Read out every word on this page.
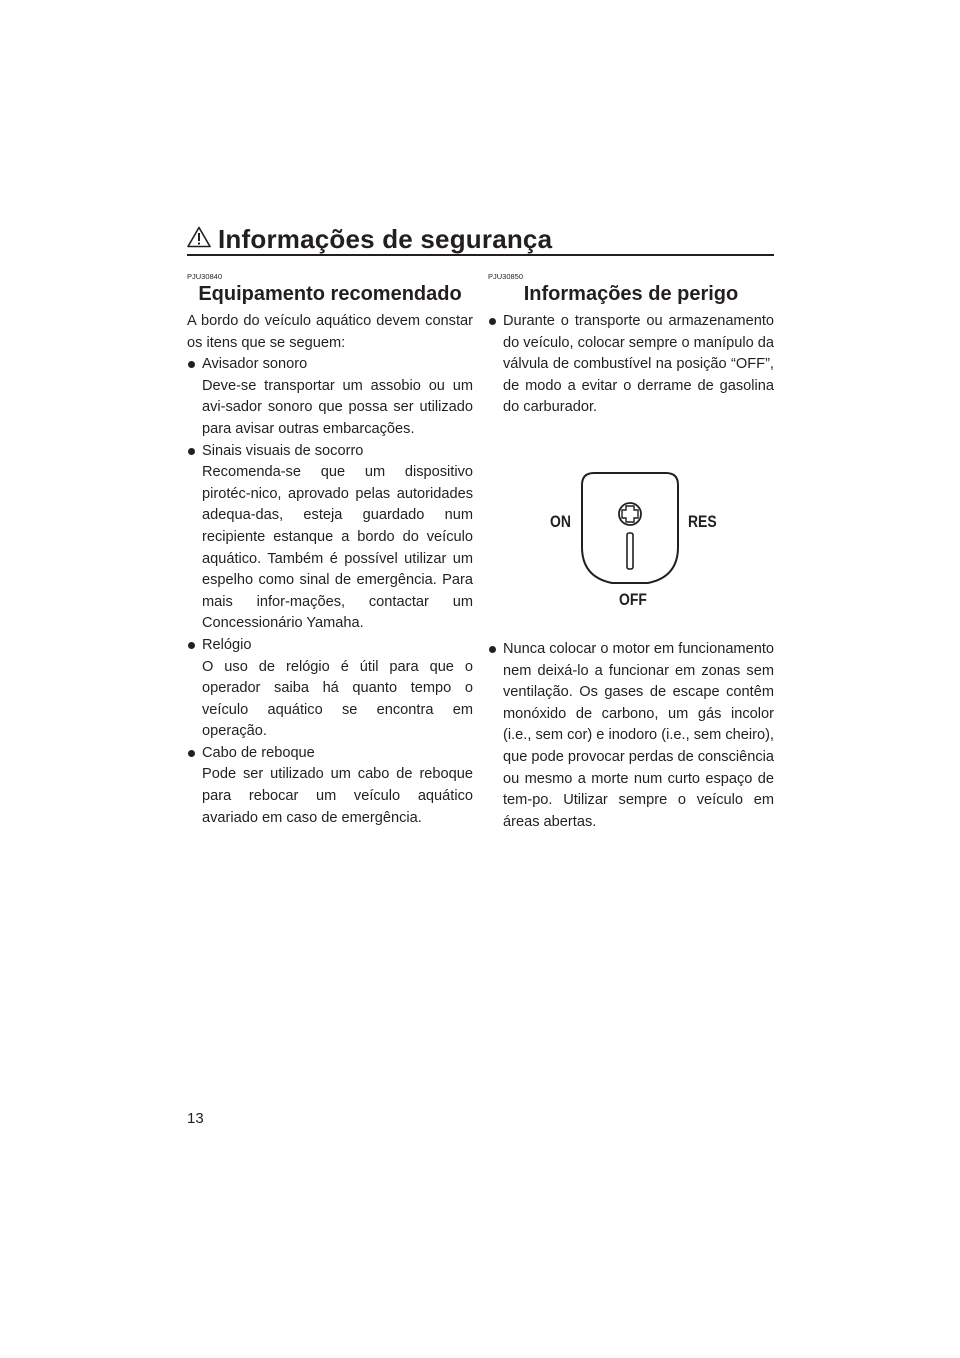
Informações de segurança
PJU30840
Equipamento recomendado

A bordo do veículo aquático devem constar os itens que se seguem:

Avisador sonoro
Deve-se transportar um assobio ou um avi-sador sonoro que possa ser utilizado para avisar outras embarcações.
Sinais visuais de socorro
Recomenda-se que um dispositivo pirotéc-nico, aprovado pelas autoridades adequa-das, esteja guardado num recipiente estanque a bordo do veículo aquático. Também é possível utilizar um espelho como sinal de emergência. Para mais infor-mações, contactar um Concessionário Yamaha.
Relógio
O uso de relógio é útil para que o operador saiba há quanto tempo o veículo aquático se encontra em operação.
Cabo de reboque
Pode ser utilizado um cabo de reboque para rebocar um veículo aquático avariado em caso de emergência.
PJU30850
Informações de perigo
Durante o transporte ou armazenamento do veículo, colocar sempre o manípulo da válvula de combustível na posição “OFF”, de modo a evitar o derrame de gasolina do carburador.
ON	RES
OFF
Nunca colocar o motor em funcionamento nem deixá-lo a funcionar em zonas sem ventilação. Os gases de escape contêm monóxido de carbono, um gás incolor (i.e., sem cor) e inodoro (i.e., sem cheiro), que pode provocar perdas de consciência ou mesmo a morte num curto espaço de tem-po. Utilizar sempre o veículo em áreas abertas.
13
